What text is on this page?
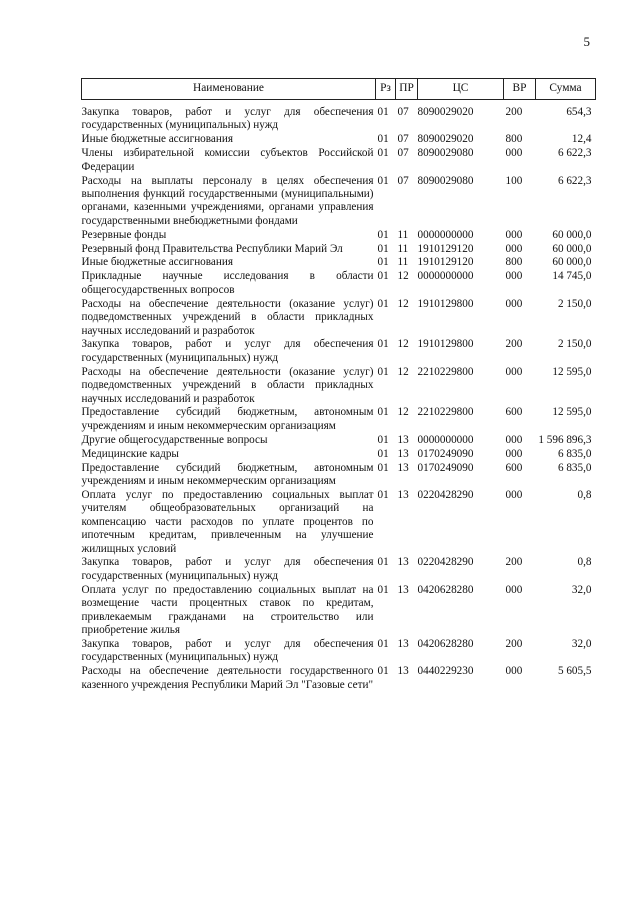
5
Наименование	Рз	ПР	ЦС	ВР	Сумма

Закупка товаров, работ и услуг для обеспечения государственных (муниципальных) нужд	01	07	8090029020	200	654,3
Иные бюджетные ассигнования	01	07	8090029020	800	12,4
Члены избирательной комиссии субъектов Российской Федерации	01	07	8090029080	000	6 622,3
Расходы на выплаты персоналу в целях обеспечения выполнения функций государственными (муниципальными) органами, казенными учреждениями, органами управления государственными внебюджетными фондами	01	07	8090029080	100	6 622,3
Резервные фонды	01	11	0000000000	000	60 000,0
Резервный фонд Правительства Республики Марий Эл	01	11	1910129120	000	60 000,0
Иные бюджетные ассигнования	01	11	1910129120	800	60 000,0
Прикладные научные исследования в области общегосударственных вопросов	01	12	0000000000	000	14 745,0
Расходы на обеспечение деятельности (оказание услуг) подведомственных учреждений в области прикладных научных исследований и разработок	01	12	1910129800	000	2 150,0
Закупка товаров, работ и услуг для обеспечения государственных (муниципальных) нужд	01	12	1910129800	200	2 150,0
Расходы на обеспечение деятельности (оказание услуг) подведомственных учреждений в области прикладных научных исследований и разработок	01	12	2210229800	000	12 595,0
Предоставление субсидий бюджетным, автономным учреждениям и иным некоммерческим организациям	01	12	2210229800	600	12 595,0
Другие общегосударственные вопросы	01	13	0000000000	000	1 596 896,3
Медицинские кадры	01	13	0170249090	000	6 835,0
Предоставление субсидий бюджетным, автономным учреждениям и иным некоммерческим организациям	01	13	0170249090	600	6 835,0
Оплата услуг по предоставлению социальных выплат учителям общеобразовательных организаций на компенсацию части расходов по уплате процентов по ипотечным кредитам, привлеченным на улучшение жилищных условий	01	13	0220428290	000	0,8
Закупка товаров, работ и услуг для обеспечения государственных (муниципальных) нужд	01	13	0220428290	200	0,8
Оплата услуг по предоставлению социальных выплат на возмещение части процентных ставок по кредитам, привлекаемым гражданами на строительство или приобретение жилья	01	13	0420628280	000	32,0
Закупка товаров, работ и услуг для обеспечения государственных (муниципальных) нужд	01	13	0420628280	200	32,0
Расходы на обеспечение деятельности государственного казенного учреждения Республики Марий Эл "Газовые сети"	01	13	0440229230	000	5 605,5
